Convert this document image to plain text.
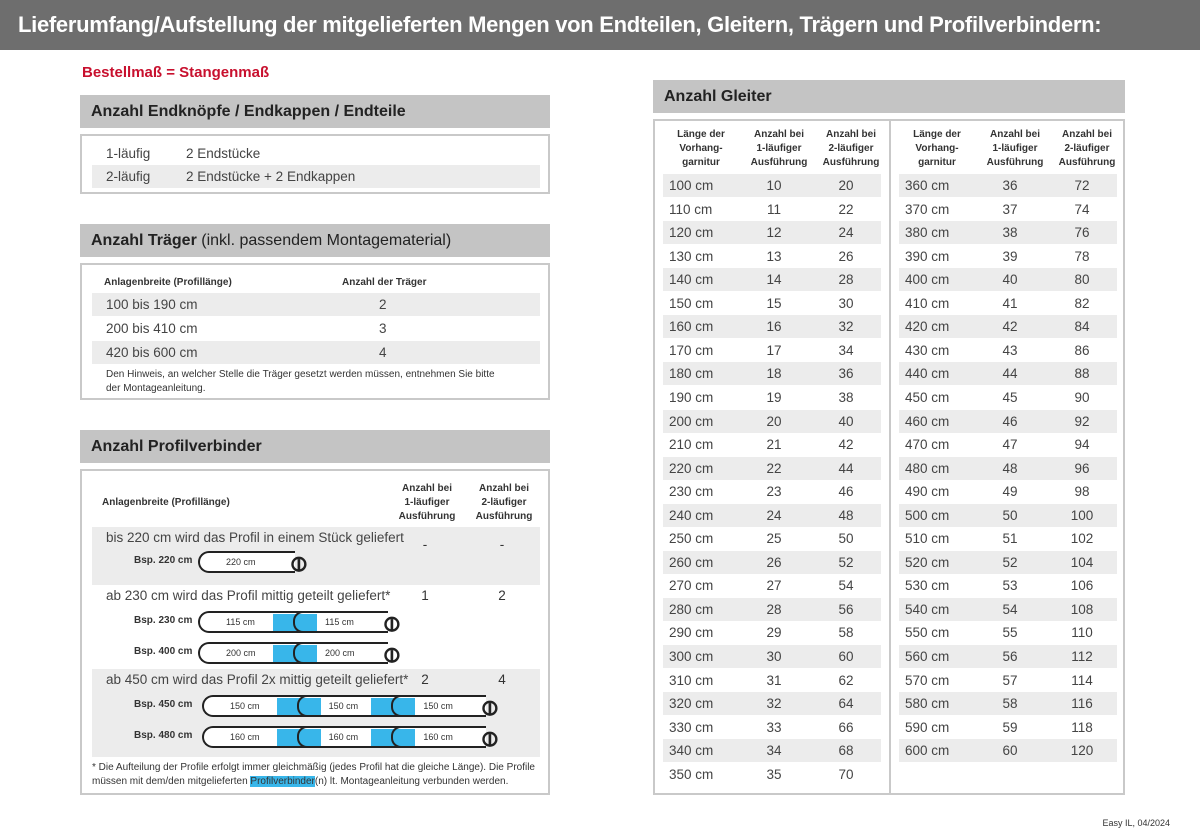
Lieferumfang/Aufstellung der mitgelieferten Mengen von Endteilen, Gleitern, Trägern und Profilverbindern:
Bestellmaß = Stangenmaß
Anzahl Endknöpfe / Endkappen / Endteile
1-läufig	2 Endstücke
2-läufig	2 Endstücke + 2 Endkappen
Anzahl Träger (inkl. passendem Montagematerial)
Anlagenbreite (Profillänge)	Anzahl der Träger
100 bis 190 cm	2
200 bis 410 cm	3
420 bis 600 cm	4
Den Hinweis, an welcher Stelle die Träger gesetzt werden müssen, entnehmen Sie bitte
der Montageanleitung.
Anzahl Profilverbinder
Anlagenbreite (Profillänge)
Anzahl bei
1-läufiger
Ausführung
Anzahl bei
2-läufiger
Ausführung
* Die Aufteilung der Profile erfolgt immer gleichmäßig (jedes Profil hat die gleiche Länge). Die Profile
müssen mit dem/den mitgelieferten Profilverbinder(n) lt. Montageanleitung verbunden werden.
bis 220 cm wird das Profil in einem Stück geliefert	-	-
Bsp. 220 cm	220 cm ⊖
ab 230 cm wird das Profil mittig geteilt geliefert*	1	2
Bsp. 230 cm	115 cm	115 cm ⊖
Bsp. 400 cm	200 cm	200 cm ⊖
ab 450 cm wird das Profil 2x mittig geteilt geliefert* 2	4
Bsp. 450 cm	150 cm	150 cm	150 cm ⊖
Bsp. 480 cm	160 cm	160 cm	160 cm ⊖
Anzahl Gleiter
Länge der
Vorhang-
garnitur
Anzahl bei
1-läufiger
Ausführung
Anzahl bei
2-läufiger
Ausführung
100 cm	10	20
110 cm	11	22
120 cm	12	24
130 cm	13	26
140 cm	14	28
150 cm	15	30
160 cm	16	32
170 cm	17	34
180 cm	18	36
190 cm	19	38
200 cm	20	40
210 cm	21	42
220 cm	22	44
230 cm	23	46
240 cm	24	48
250 cm	25	50
260 cm	26	52
270 cm	27	54
280 cm	28	56
290 cm	29	58
300 cm	30	60
310 cm	31	62
320 cm	32	64
330 cm	33	66
340 cm	34	68
350 cm	35	70
Länge der
Vorhang-
garnitur
Anzahl bei
1-läufiger
Ausführung
Anzahl bei
2-läufiger
Ausführung
360 cm	36	72
370 cm	37	74
380 cm	38	76
390 cm	39	78
400 cm	40	80
410 cm	41	82
420 cm	42	84
430 cm	43	86
440 cm	44	88
450 cm	45	90
460 cm	46	92
470 cm	47	94
480 cm	48	96
490 cm	49	98
500 cm	50	100
510 cm	51	102
520 cm	52	104
530 cm	53	106
540 cm	54	108
550 cm	55	110
560 cm	56	112
570 cm	57	114
580 cm	58	116
590 cm	59	118
600 cm	60	120
Easy IL, 04/2024
